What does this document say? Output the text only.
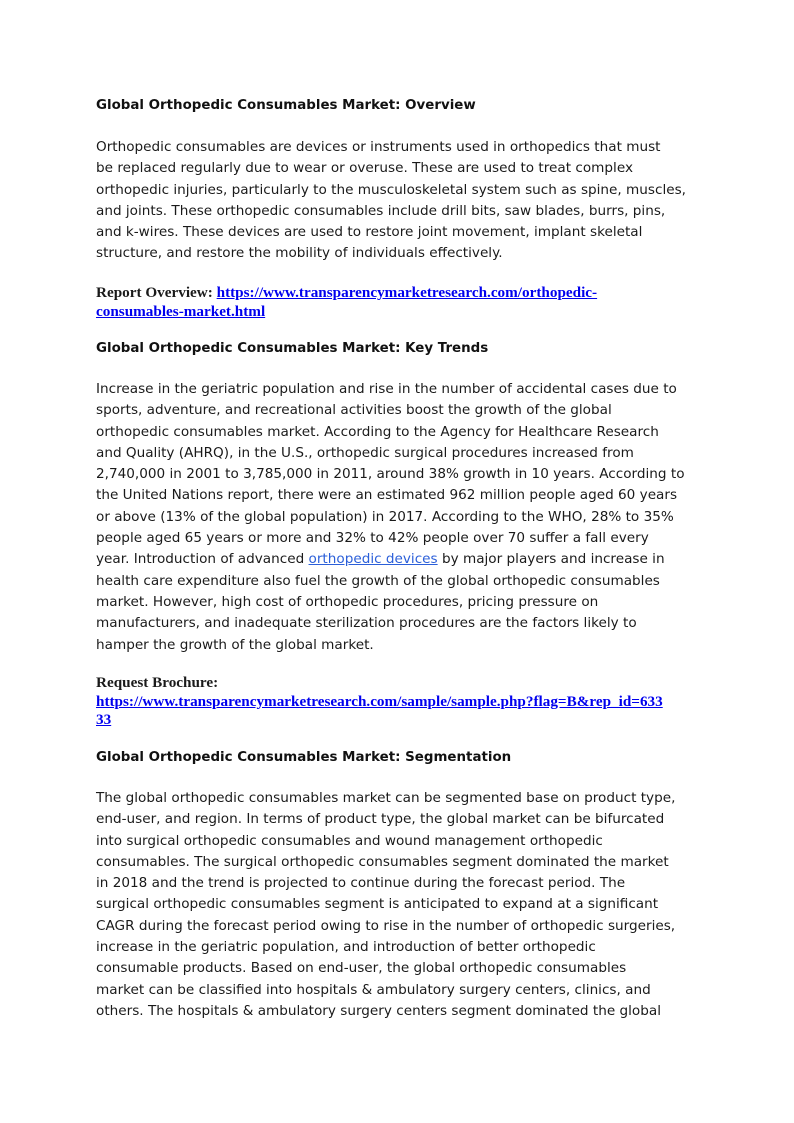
Global Orthopedic Consumables Market: Overview
Orthopedic consumables are devices or instruments used in orthopedics that must
be replaced regularly due to wear or overuse. These are used to treat complex
orthopedic injuries, particularly to the musculoskeletal system such as spine, muscles,
and joints. These orthopedic consumables include drill bits, saw blades, burrs, pins,
and k-wires. These devices are used to restore joint movement, implant skeletal
structure, and restore the mobility of individuals effectively.
Report Overview: https://www.transparencymarketresearch.com/orthopedic-
consumables-market.html
Global Orthopedic Consumables Market: Key Trends
Increase in the geriatric population and rise in the number of accidental cases due to
sports, adventure, and recreational activities boost the growth of the global
orthopedic consumables market. According to the Agency for Healthcare Research
and Quality (AHRQ), in the U.S., orthopedic surgical procedures increased from
2,740,000 in 2001 to 3,785,000 in 2011, around 38% growth in 10 years. According to
the United Nations report, there were an estimated 962 million people aged 60 years
or above (13% of the global population) in 2017. According to the WHO, 28% to 35%
people aged 65 years or more and 32% to 42% people over 70 suffer a fall every
year. Introduction of advanced orthopedic devices by major players and increase in
health care expenditure also fuel the growth of the global orthopedic consumables
market. However, high cost of orthopedic procedures, pricing pressure on
manufacturers, and inadequate sterilization procedures are the factors likely to
hamper the growth of the global market.
Request Brochure:
https://www.transparencymarketresearch.com/sample/sample.php?flag=B&rep_id=633
33
Global Orthopedic Consumables Market: Segmentation
The global orthopedic consumables market can be segmented base on product type,
end-user, and region. In terms of product type, the global market can be bifurcated
into surgical orthopedic consumables and wound management orthopedic
consumables. The surgical orthopedic consumables segment dominated the market
in 2018 and the trend is projected to continue during the forecast period. The
surgical orthopedic consumables segment is anticipated to expand at a significant
CAGR during the forecast period owing to rise in the number of orthopedic surgeries,
increase in the geriatric population, and introduction of better orthopedic
consumable products. Based on end-user, the global orthopedic consumables
market can be classified into hospitals & ambulatory surgery centers, clinics, and
others. The hospitals & ambulatory surgery centers segment dominated the global
